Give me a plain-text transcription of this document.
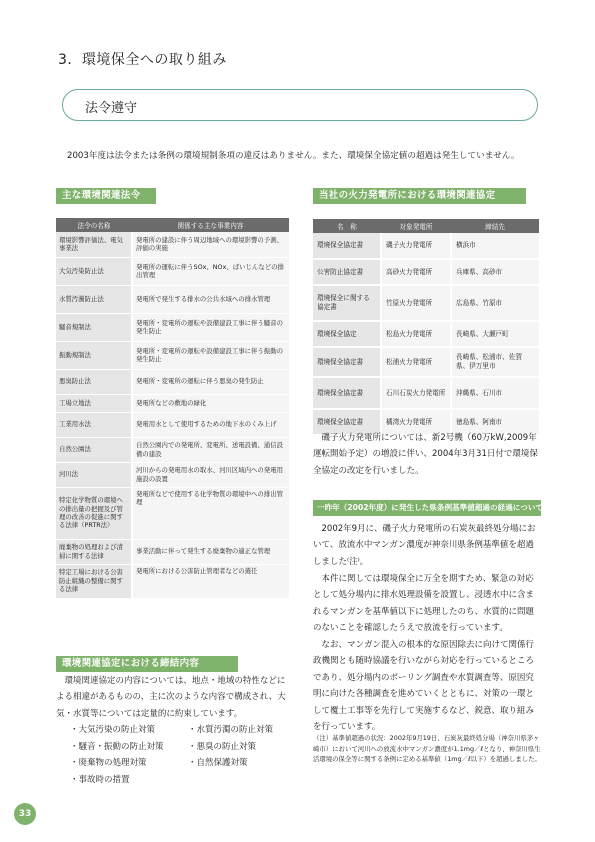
3．環境保全への取り組み
法令遵守
2003年度は法令または条例の環境規制条項の違反はありません。また、環境保全協定値の超過は発生していません。
主な環境関連法令
法令の名称	関係する主な事業内容
環境影響評価法、電気事業法	発電所の建設に伴う周辺地域への環境影響の予測、評価の実施
大気汚染防止法	発電所の運転に伴うSOx、NOx、ばいじんなどの排出管理
水質汚濁防止法	発電所で発生する排水の公共水域への排水管理
騒音規制法	発電所・変電所の運転や設備建設工事に伴う騒音の発生防止
振動規制法	発電所・変電所の運転や設備建設工事に伴う振動の発生防止
悪臭防止法	発電所・変電所の運転に伴う悪臭の発生防止
工場立地法	発電所などの敷地の緑化
工業用水法	発電用水として使用するための地下水のくみ上げ
自然公園法	自然公園内での発電所、変電所、送電設備、通信設備の建設
河川法	河川からの発電用水の取水、河川区域内への発電用施設の設置
特定化学物質の環境への排出量の把握及び管理の改善の促進に関する法律（PRTR法）	発電所などで使用する化学物質の環境中への排出管理
廃棄物の処理および清掃に関する法律	事業活動に伴って発生する廃棄物の適正な管理
特定工場における公害防止組織の整備に関する法律	発電所における公害防止管理者などの選任
環境関連協定における締結内容
環境関連協定の内容については、地点・地域の特性などによる相違があるものの、主に次のような内容で構成され、大気・水質等については定量的に約束しています。
・ 大気汚染の防止対策	・ 水質汚濁の防止対策 ・ 騒音・振動の防止対策	・ 悪臭の防止対策 ・ 廃棄物の処理対策	・ 自然保護対策 ・ 事故時の措置
当社の火力発電所における環境関連協定
名　称	対象発電所	締結先
環境保全協定書	磯子火力発電所	横浜市
公害防止協定書	高砂火力発電所	兵庫県、高砂市
環境保全に関する協定書	竹原火力発電所	広島県、竹原市
環境保全協定	松島火力発電所	長崎県、大瀬戸町
環境保全協定書	松浦火力発電所	長崎県、松浦市、佐賀県、伊万里市
環境保全協定書	石川石炭火力発電所	沖縄県、石川市
環境保全協定書	橘湾火力発電所	徳島県、阿南市
磯子火力発電所については、新2号機（60万kW,2009年運転開始予定）の増設に伴い、2004年3月31日付で環境保全協定の改定を行いました。
一昨年（2002年度）に発生した県条例基準値超過の経過について
2002年9月に、磯子火力発電所の石炭灰最終処分場において、放流水中マンガン濃度が神奈川県条例基準値を超過しました⁽注⁾。
本件に関しては環境保全に万全を期すため、緊急の対応として処分場内に排水処理設備を設置し、浸透水中に含まれるマンガンを基準値以下に処理したのち、水質的に問題のないことを確認したうえで放流を行っています。
なお、マンガン混入の根本的な原因除去に向けて関係行政機関とも随時協議を行いながら対応を行っているところであり、処分場内のボーリング調査や水質調査等、原因究明に向けた各種調査を進めていくとともに、対策の一環として覆土工事等を先行して実施するなど、鋭意、取り組みを行っています。
（注）基準値超過の状況：2002年9月19日、石炭灰最終処分場（神奈川県茅ヶ崎市）において河川への放流水中マンガン濃度が1.1mg／ℓとなり、神奈川県生活環境の保全等に関する条例に定める基準値（1mg／ℓ以下）を超過しました。
33
